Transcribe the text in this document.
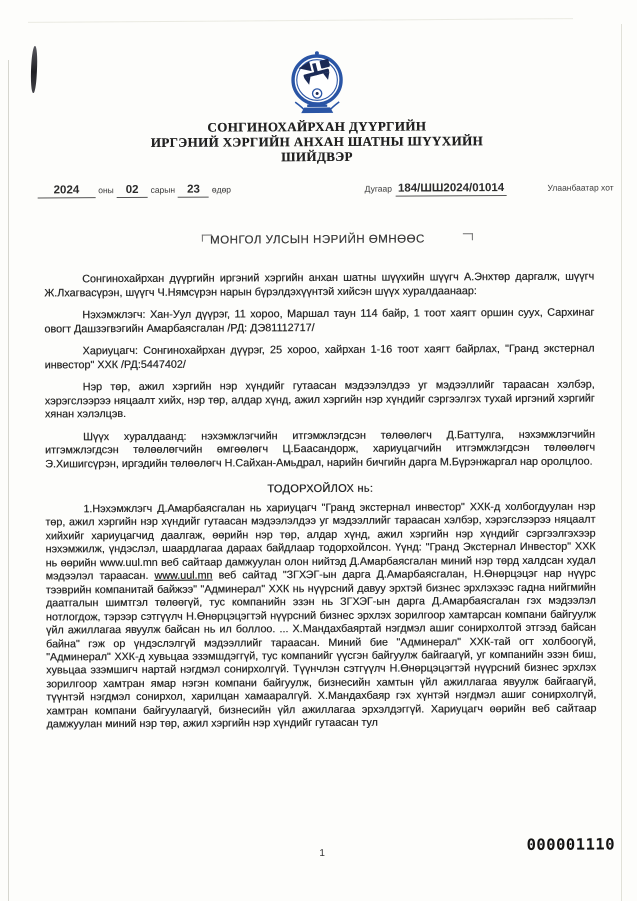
СОНГИНОХАЙРХАН ДҮҮРГИЙН
ИРГЭНИЙ ХЭРГИЙН АНХАН ШАТНЫ ШҮҮХИЙН
ШИЙДВЭР
2024 оны 02 сарын 23 өдөр	Дугаар 184/ШШ2024/01014	Улаанбаатар хот
МОНГОЛ УЛСЫН НЭРИЙН ӨМНӨӨС

Сонгинохайрхан дүүргийн иргэний хэргийн анхан шатны шүүхийн шүүгч А.Энхтөр даргалж, шүүгч Ж.Лхагвасүрэн, шүүгч Ч.Нямсүрэн нарын бүрэлдэхүүнтэй хийсэн шүүх хуралдаанаар:

Нэхэмжлэгч: Хан-Уул дүүрэг, 11 хороо, Маршал таун 114 байр, 1 тоот хаягт оршин суух, Сархинаг овогт Дашзэгвэгийн Амарбаясгалан /РД: ДЭ81112717/

Хариуцагч: Сонгинохайрхан дүүрэг, 25 хороо, хайрхан 1-16 тоот хаягт байрлах, "Гранд экстернал инвестор" ХХК /РД:5447402/

Нэр төр, ажил хэргийн нэр хүндийг гутаасан мэдээлэлдээ уг мэдээллийг тараасан хэлбэр, хэрэгслээрээ няцаалт хийх, нэр төр, алдар хүнд, ажил хэргийн нэр хүндийг сэргээлгэх тухай иргэний хэргийг хянан хэлэлцэв.

Шүүх хуралдаанд: нэхэмжлэгчийн итгэмжлэгдсэн төлөөлөгч Д.Баттулга, нэхэмжлэгчийн итгэмжлэгдсэн төлөөлөгчийн өмгөөлөгч Ц.Баасандорж, хариуцагчийн итгэмжлэгдсэн төлөөлөгч Э.Хишигсүрэн, иргэдийн төлөөлөгч Н.Сайхан-Амьдрал, нарийн бичгийн дарга М.Бүрэнжаргал нар оролцлоо.

ТОДОРХОЙЛОХ нь:
1.Нэхэмжлэгч Д.Амарбаясгалан нь хариуцагч "Гранд экстернал инвестор" ХХК-д холбогдуулан нэр төр, ажил хэргийн нэр хүндийг гутаасан мэдээлэлдээ уг мэдээллийг тараасан хэлбэр, хэрэгслээрээ няцаалт хийхийг хариуцагчид даалгаж, өөрийн нэр төр, алдар хүнд, ажил хэргийн нэр хүндийг сэргээлгэхээр нэхэмжилж, үндэслэл, шаардлагаа дараах байдлаар тодорхойлсон. Үүнд: "Гранд Экстернал Инвестор" ХХК нь өөрийн www.uul.mn веб сайтаар дамжуулан олон нийтэд Д.Амарбаясгалан миний нэр төрд халдсан худал мэдээлэл тараасан. www.uul.mn веб сайтад "ЗГХЭГ-ын дарга Д.Амарбаясгалан, Н.Өнөрцэцэг нар нүүрс тээврийн компанитай байжээ" "Админерал" ХХК нь нүүрсний давуу эрхтэй бизнес эрхлэхээс гадна нийгмийн даатгалын шимтгэл төлөөгүй, тус компанийн эзэн нь ЗГХЭГ-ын дарга Д.Амарбаясгалан гэх мэдээлэл нотлогдож, тэрээр сэтгүүлч Н.Өнөрцэцэгтэй нүүрсний бизнес эрхлэх зорилгоор хамтарсан компани байгуулж үйл ажиллагаа явуулж байсан нь ил боллоо. ... Х.Мандахбаяртай нэгдмэл ашиг сонирхолтой этгээд байсан байна" гэж ор үндэслэлгүй мэдээллийг тараасан. Миний бие "Админерал" ХХК-тай огт холбоогүй, "Админерал" ХХК-д хувьцаа эзэмшдэггүй, тус компанийг үүсгэн байгуулж байгаагүй, уг компанийн эзэн биш, хувьцаа эзэмшигч нартай нэгдмэл сонирхолгүй. Түүнчлэн сэтгүүлч Н.Өнөрцэцэгтэй нүүрсний бизнес эрхлэх зорилгоор хамтран ямар нэгэн компани байгуулж, бизнесийн хамтын үйл ажиллагаа явуулж байгаагүй, түүнтэй нэгдмэл сонирхол, харилцан хамааралгүй. Х.Мандахбаяр гэх хүнтэй нэгдмэл ашиг сонирхолгүй, хамтран компани байгуулаагүй, бизнесийн үйл ажиллагаа эрхэлдэггүй. Хариуцагч өөрийн веб сайтаар дамжуулан миний нэр төр, ажил хэргийн нэр хүндийг гутаасан тул
1	000001110
